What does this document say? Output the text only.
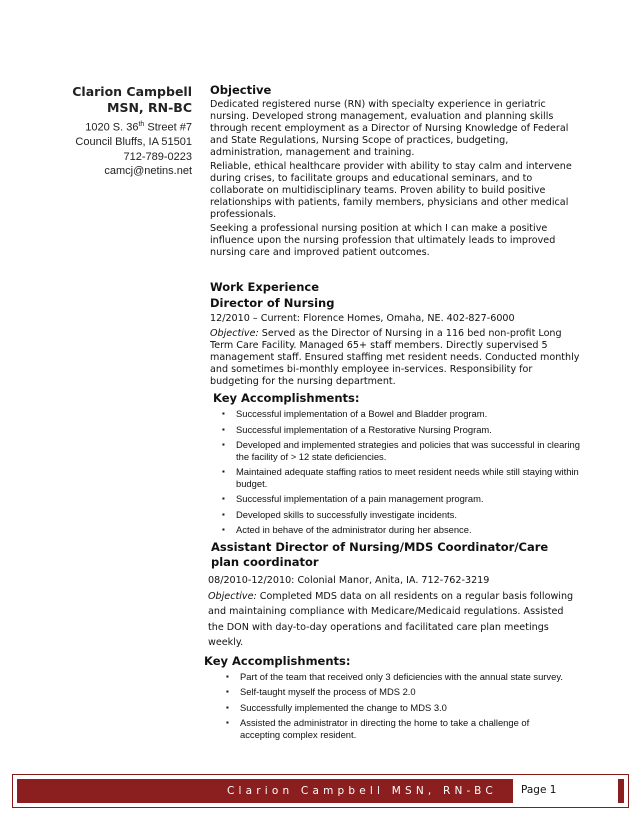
Clarion Campbell
MSN, RN-BC
1020 S. 36th Street #7
Council Bluffs, IA 51501
712-789-0223
camcj@netins.net
Objective

Dedicated registered nurse (RN) with specialty experience in geriatric nursing. Developed strong management, evaluation and planning skills through recent employment as a Director of Nursing Knowledge of Federal and State Regulations, Nursing Scope of practices, budgeting, administration, management and training.

Reliable, ethical healthcare provider with ability to stay calm and intervene during crises, to facilitate groups and educational seminars, and to collaborate on multidisciplinary teams. Proven ability to build positive relationships with patients, family members, physicians and other medical professionals.

Seeking a professional nursing position at which I can make a positive influence upon the nursing profession that ultimately leads to improved nursing care and improved patient outcomes.

Work Experience
Director of Nursing
12/2010 – Current: Florence Homes, Omaha, NE. 402-827-6000

Objective: Served as the Director of Nursing in a 116 bed non-profit Long Term Care Facility. Managed 65+ staff members. Directly supervised 5 management staff. Ensured staffing met resident needs. Conducted monthly and sometimes bi-monthly employee in-services. Responsibility for budgeting for the nursing department.

Key Accomplishments:
▪ Successful implementation of a Bowel and Bladder program.
▪ Successful implementation of a Restorative Nursing Program.
▪ Developed and implemented strategies and policies that was successful in clearing the facility of > 12 state deficiencies.
▪ Maintained adequate staffing ratios to meet resident needs while still staying within budget.
▪ Successful implementation of a pain management program.
▪ Developed skills to successfully investigate incidents.
▪ Acted in behave of the administrator during her absence.
Assistant Director of Nursing/MDS Coordinator/Care plan coordinator
08/2010-12/2010: Colonial Manor, Anita, IA. 712-762-3219

Objective: Completed MDS data on all residents on a regular basis following and maintaining compliance with Medicare/Medicaid regulations. Assisted the DON with day-to-day operations and facilitated care plan meetings weekly.

Key Accomplishments:
▪ Part of the team that received only 3 deficiencies with the annual state survey.
▪ Self-taught myself the process of MDS 2.0
▪ Successfully implemented the change to MDS 3.0
▪ Assisted the administrator in directing the home to take a challenge of accepting complex resident.
Clarion Campbell MSN, RN-BC Page 1
